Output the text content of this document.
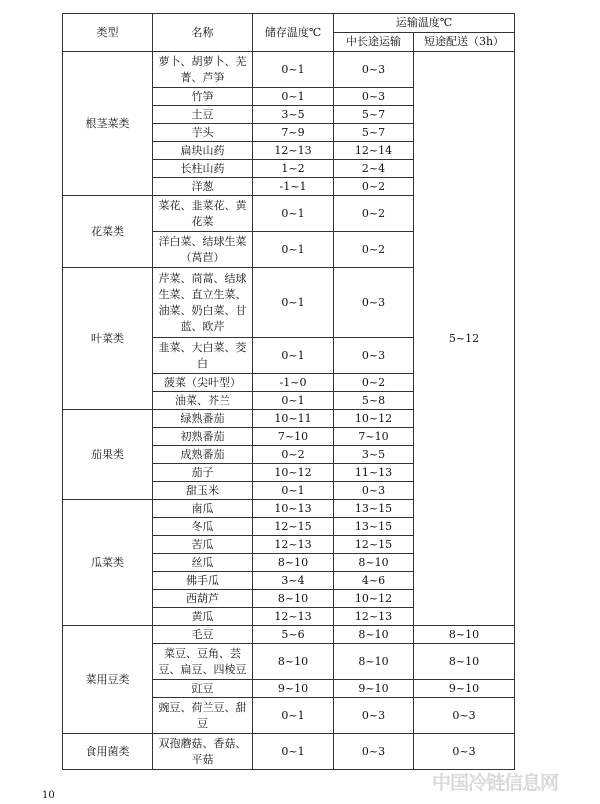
类型	名称	储存温度℃	运输温度℃	
			中长途运输	短途配送（3h）
根茎菜类	萝卜、胡萝卜、芜菁、芦笋	0~1	0~3	5~12
	竹笋	0~1	0~3	
	土豆	3~5	5~7	
	芋头	7~9	5~7	
	扁块山药	12~13	12~14	
	长柱山药	1~2	2~4	
	洋葱	-1~1	0~2	
花菜类	菜花、韭菜花、黄花菜	0~1	0~2	
	洋白菜、结球生菜（莴苣）	0~1	0~2	
叶菜类	芹菜、茼蒿、结球生菜、直立生菜、油菜、奶白菜、甘蓝、欧芹	0~1	0~3	
	韭菜、大白菜、茭白	0~1	0~3	
	菠菜（尖叶型）	-1~0	0~2	
	油菜、芥兰	0~1	5~8	
茄果类	绿熟番茄	10~11	10~12	
	初熟番茄	7~10	7~10	
	成熟番茄	0~2	3~5	
	茄子	10~12	11~13	
	甜玉米	0~1	0~3	
瓜菜类	南瓜	10~13	13~15	
	冬瓜	12~15	13~15	
	苦瓜	12~13	12~15	
	丝瓜	8~10	8~10	
	佛手瓜	3~4	4~6	
	西葫芦	8~10	10~12	
	黄瓜	12~13	12~13	
菜用豆类	毛豆	5~6	8~10	8~10
	菜豆、豆角、芸豆、扁豆、四棱豆	8~10	8~10	8~10
	豇豆	9~10	9~10	9~10
	豌豆、荷兰豆、甜豆	0~1	0~3	0~3
食用菌类	双孢蘑菇、香菇、平菇	0~1	0~3	0~3
10
中国冷链信息网
